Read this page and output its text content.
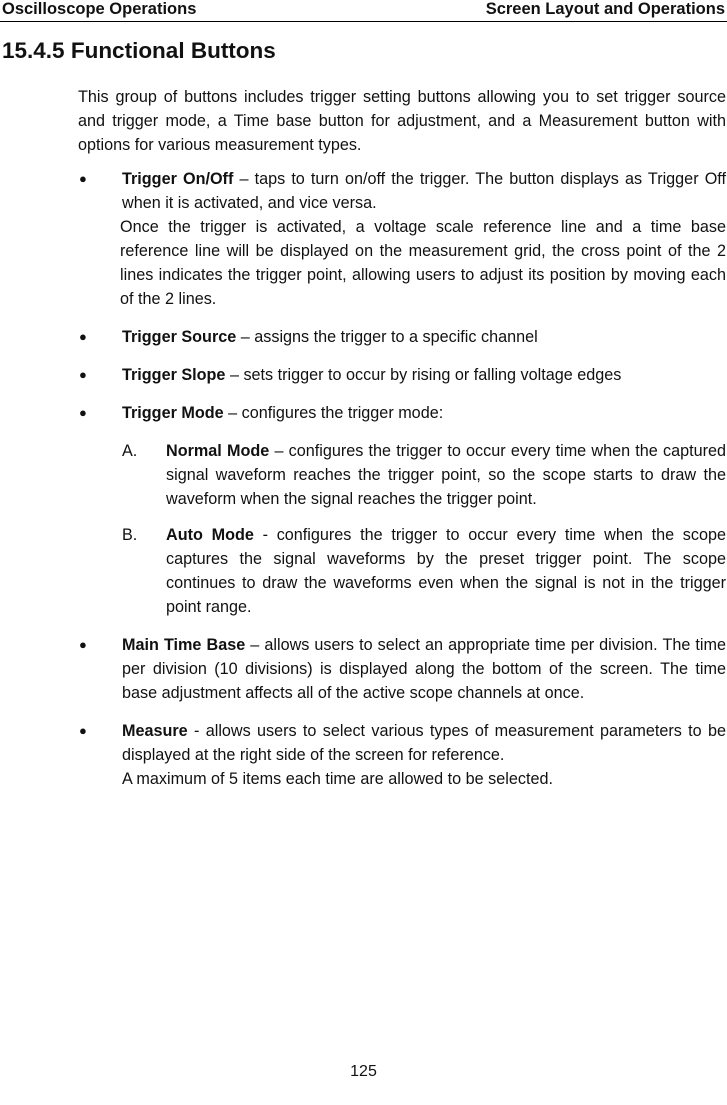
Oscilloscope Operations	Screen Layout and Operations
15.4.5 Functional Buttons

This group of buttons includes trigger setting buttons allowing you to set trigger source and trigger mode, a Time base button for adjustment, and a Measurement button with options for various measurement types.

● Trigger On/Off – taps to turn on/off the trigger. The button displays as Trigger Off when it is activated, and vice versa.

Once the trigger is activated, a voltage scale reference line and a time base reference line will be displayed on the measurement grid, the cross point of the 2 lines indicates the trigger point, allowing users to adjust its position by moving each of the 2 lines.

● Trigger Source – assigns the trigger to a specific channel

● Trigger Slope – sets trigger to occur by rising or falling voltage edges

● Trigger Mode – configures the trigger mode:

A. Normal Mode – configures the trigger to occur every time when the captured signal waveform reaches the trigger point, so the scope starts to draw the waveform when the signal reaches the trigger point.

B. Auto Mode - configures the trigger to occur every time when the scope captures the signal waveforms by the preset trigger point. The scope continues to draw the waveforms even when the signal is not in the trigger point range.

● Main Time Base – allows users to select an appropriate time per division. The time per division (10 divisions) is displayed along the bottom of the screen. The time base adjustment affects all of the active scope channels at once.

● Measure - allows users to select various types of measurement parameters to be displayed at the right side of the screen for reference.

A maximum of 5 items each time are allowed to be selected.

125
